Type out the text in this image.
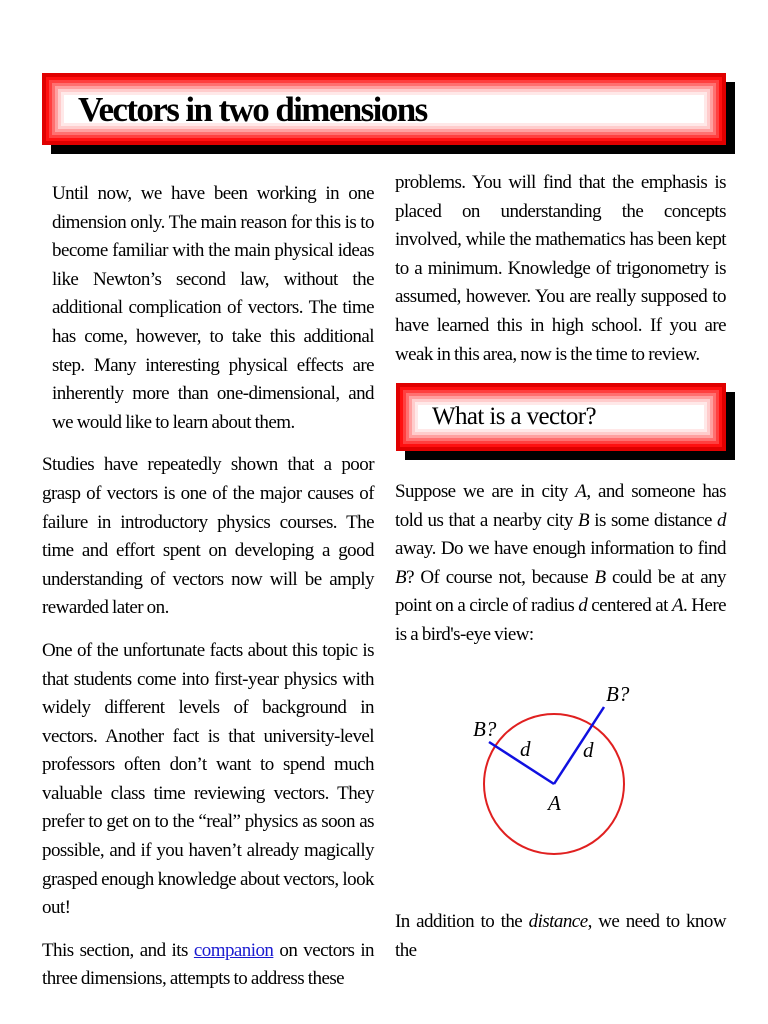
Vectors in two dimensions

Until now, we have been working in one dimension only. The main reason for this is to become familiar with the main physical ideas like Newton’s second law, without the additional complication of vectors. The time has come, however, to take this additional step. Many interesting physical effects are inherently more than one-dimensional, and we would like to learn about them.

Studies have repeatedly shown that a poor grasp of vectors is one of the major causes of failure in introductory physics courses. The time and effort spent on developing a good understanding of vectors now will be amply rewarded later on.

One of the unfortunate facts about this topic is that students come into first-year physics with widely different levels of background in vectors. Another fact is that university-level professors often don’t want to spend much valuable class time reviewing vectors. They prefer to get on to the “real” physics as soon as possible, and if you haven’t already magically grasped enough knowledge about vectors, look out!

This section, and its companion on vectors in three dimensions, attempts to address these

problems. You will find that the emphasis is placed on understanding the concepts involved, while the mathematics has been kept to a minimum. Knowledge of trigonometry is assumed, however. You are really supposed to have learned this in high school. If you are weak in this area, now is the time to review.

What is a vector?

Suppose we are in city A, and someone has told us that a nearby city B is some distance d away. Do we have enough information to find B? Of course not, because B could be at any point on a circle of radius d centered at A. Here is a bird's-eye view:

B?
B?
d	d
A

In addition to the distance, we need to know the
